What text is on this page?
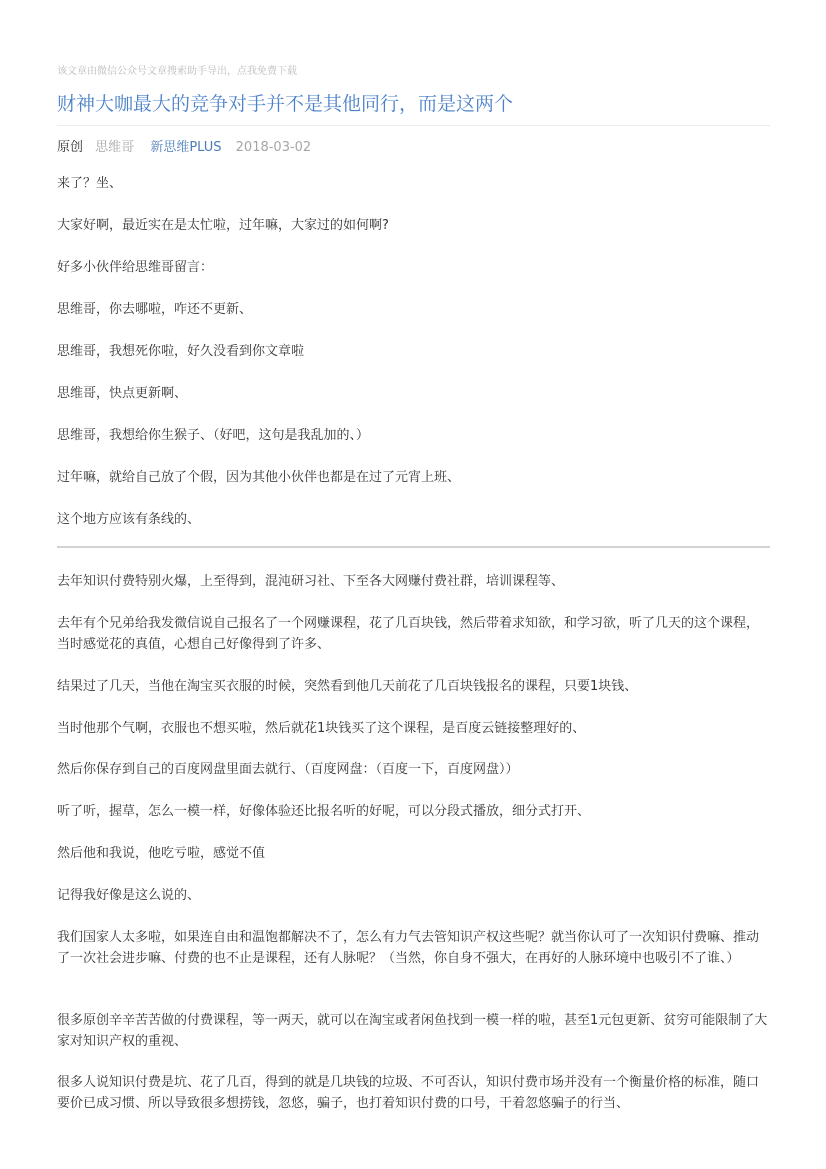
该文章由微信公众号文章搜索助手导出，点我免费下载
财神大咖最大的竞争对手并不是其他同行，而是这两个
原创 思维哥 新思维PLUS 2018-03-02

来了？坐、

大家好啊，最近实在是太忙啦，过年嘛，大家过的如何啊?

好多小伙伴给思维哥留言：

思维哥，你去哪啦，咋还不更新、

思维哥，我想死你啦，好久没看到你文章啦

思维哥，快点更新啊、

思维哥，我想给你生猴子、（好吧，这句是我乱加的、）

过年嘛，就给自己放了个假，因为其他小伙伴也都是在过了元宵上班、

这个地方应该有条线的、

去年知识付费特别火爆，上至得到，混沌研习社、下至各大网赚付费社群，培训课程等、

去年有个兄弟给我发微信说自己报名了一个网赚课程，花了几百块钱，然后带着求知欲，和学习欲，听了几天的这个课程，当时感觉花的真值，心想自己好像得到了许多、

结果过了几天，当他在淘宝买衣服的时候，突然看到他几天前花了几百块钱报名的课程，只要1块钱、

当时他那个气啊，衣服也不想买啦，然后就花1块钱买了这个课程，是百度云链接整理好的、

然后你保存到自己的百度网盘里面去就行、（百度网盘：（百度一下，百度网盘））

听了听，握草，怎么一模一样，好像体验还比报名听的好呢，可以分段式播放，细分式打开、

然后他和我说，他吃亏啦，感觉不值

记得我好像是这么说的、

我们国家人太多啦，如果连自由和温饱都解决不了，怎么有力气去管知识产权这些呢？就当你认可了一次知识付费嘛、推动了一次社会进步嘛、付费的也不止是课程，还有人脉呢？（当然，你自身不强大，在再好的人脉环境中也吸引不了谁、）

很多原创辛辛苦苦做的付费课程，等一两天，就可以在淘宝或者闲鱼找到一模一样的啦，甚至1元包更新、贫穷可能限制了大家对知识产权的重视、

很多人说知识付费是坑、花了几百，得到的就是几块钱的垃圾、不可否认，知识付费市场并没有一个衡量价格的标准，随口要价已成习惯、所以导致很多想捞钱，忽悠，骗子，也打着知识付费的口号，干着忽悠骗子的行当、
